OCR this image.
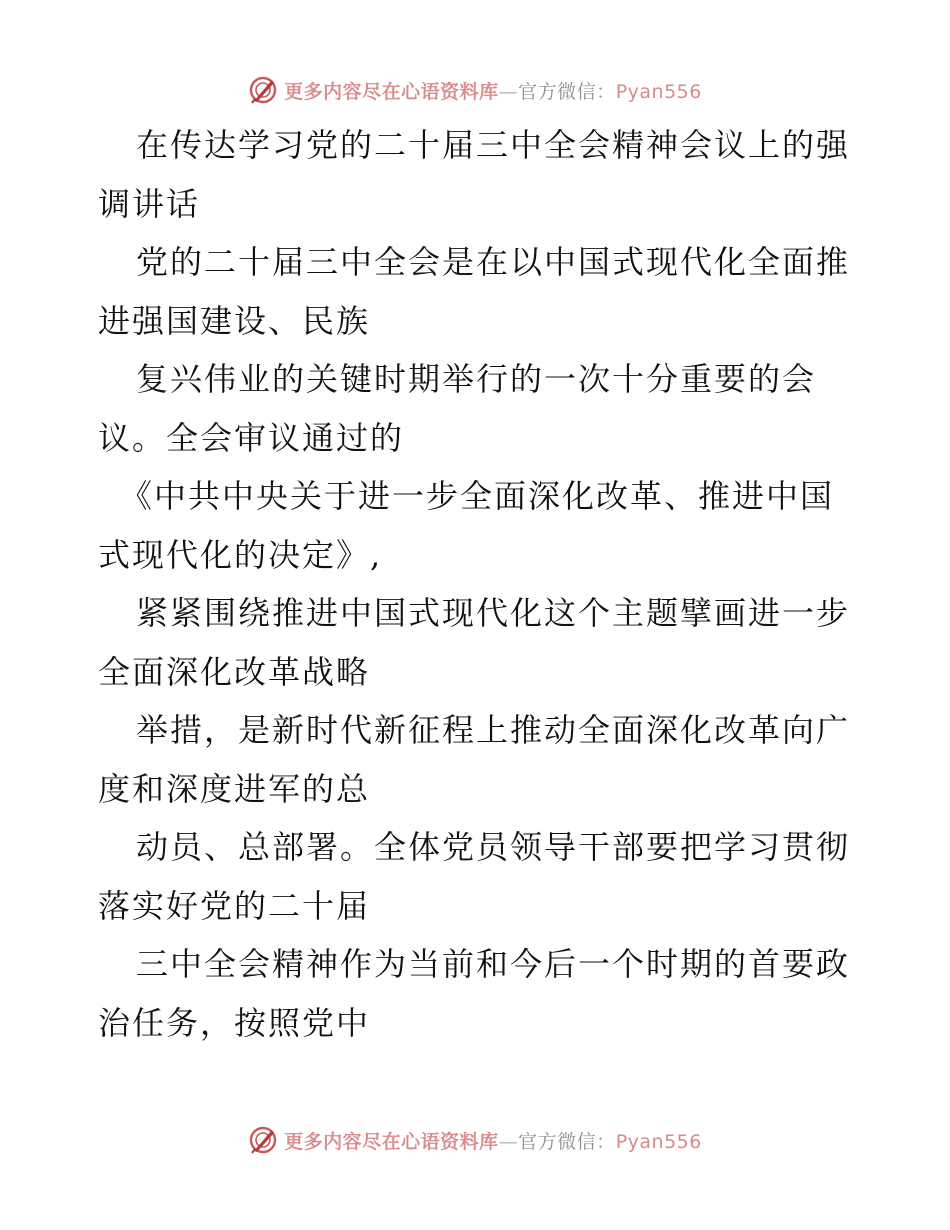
更多内容尽在心语资料库—官方微信：Pyan556
在传达学习党的二十届三中全会精神会议上的强
调讲话
党的二十届三中全会是在以中国式现代化全面推
进强国建设、民族
复兴伟业的关键时期举行的一次十分重要的会
议。全会审议通过的
《中共中央关于进一步全面深化改革、推进中国
式现代化的决定》,
紧紧围绕推进中国式现代化这个主题擘画进一步
全面深化改革战略
举措，是新时代新征程上推动全面深化改革向广
度和深度进军的总
动员、总部署。全体党员领导干部要把学习贯彻
落实好党的二十届
三中全会精神作为当前和今后一个时期的首要政
治任务，按照党中
更多内容尽在心语资料库—官方微信：Pyan556
